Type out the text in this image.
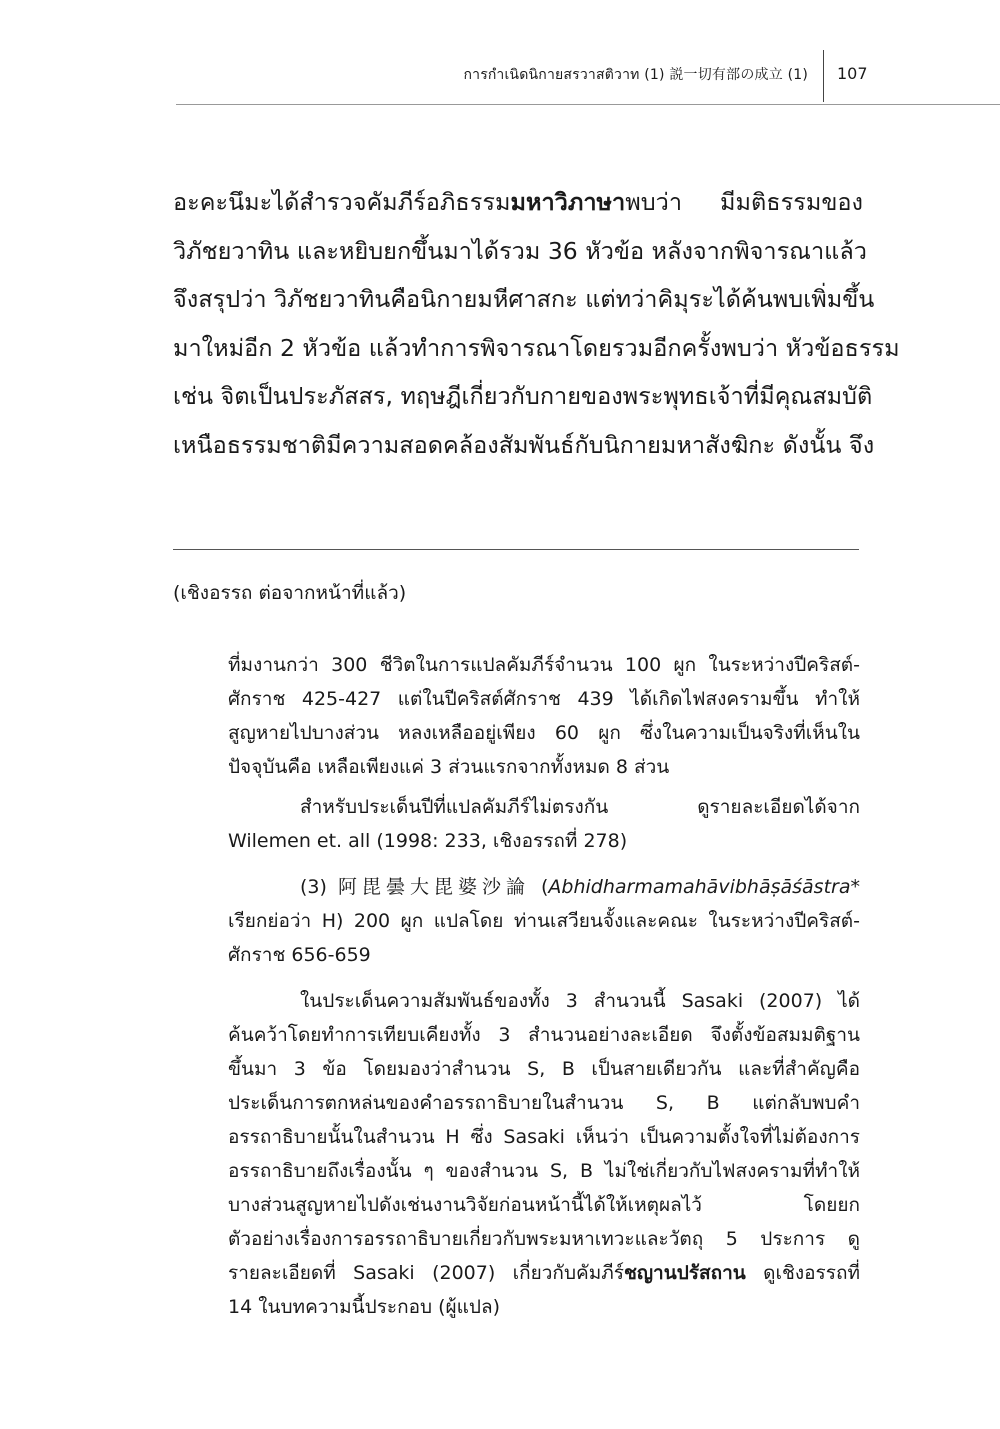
การกำเนิดนิกายสรวาสติวาท (1) 説一切有部の成立 (1) 107
อะคะนึมะได้สำรวจคัมภีร์อภิธรรมมหาวิภาษาพบว่า มีมติธรรมของ
วิภัชยวาทิน และหยิบยกขึ้นมาได้รวม 36 หัวข้อ หลังจากพิจารณาแล้ว
จึงสรุปว่า วิภัชยวาทินคือนิกายมหีศาสกะ แต่ทว่าคิมุระได้ค้นพบเพิ่มขึ้น
มาใหม่อีก 2 หัวข้อ แล้วทำการพิจารณาโดยรวมอีกครั้งพบว่า หัวข้อธรรม
เช่น จิตเป็นประภัสสร, ทฤษฎีเกี่ยวกับกายของพระพุทธเจ้าที่มีคุณสมบัติ
เหนือธรรมชาติมีความสอดคล้องสัมพันธ์กับนิกายมหาสังฆิกะ ดังนั้น จึง
(เชิงอรรถ ต่อจากหน้าที่แล้ว)
ที่มงานกว่า 300 ชีวิตในการแปลคัมภีร์จำนวน 100 ผูก ในระหว่างปีคริสต์-
ศักราช 425-427 แต่ในปีคริสต์ศักราช 439 ได้เกิดไฟสงครามขึ้น ทำให้
สูญหายไปบางส่วน หลงเหลืออยู่เพียง 60 ผูก ซึ่งในความเป็นจริงที่เห็นใน
ปัจจุบันคือ เหลือเพียงแค่ 3 ส่วนแรกจากทั้งหมด 8 ส่วน
สำหรับประเด็นปีที่แปลคัมภีร์ไม่ตรงกัน ดูรายละเอียดได้จาก
Wilemen et. all (1998: 233, เชิงอรรถที่ 278)
(3) 阿毘曇大毘婆沙論 (Abhidharmamahāvibhāṣāśāstra*
เรียกย่อว่า H) 200 ผูก แปลโดย ท่านเสวียนจั้งและคณะ ในระหว่างปีคริสต์-
ศักราช 656-659
ในประเด็นความสัมพันธ์ของทั้ง 3 สำนวนนี้ Sasaki (2007) ได้
ค้นคว้าโดยทำการเทียบเคียงทั้ง 3 สำนวนอย่างละเอียด จึงตั้งข้อสมมติฐาน
ขึ้นมา 3 ข้อ โดยมองว่าสำนวน S, B เป็นสายเดียวกัน และที่สำคัญคือ
ประเด็นการตกหล่นของคำอรรถาธิบายในสำนวน S, B แต่กลับพบคำ
อรรถาธิบายนั้นในสำนวน H ซึ่ง Sasaki เห็นว่า เป็นความตั้งใจที่ไม่ต้องการ
อรรถาธิบายถึงเรื่องนั้น ๆ ของสำนวน S, B ไม่ใช่เกี่ยวกับไฟสงครามที่ทำให้
บางส่วนสูญหายไปดังเช่นงานวิจัยก่อนหน้านี้ได้ให้เหตุผลไว้ โดยยก
ตัวอย่างเรื่องการอรรถาธิบายเกี่ยวกับพระมหาเทวะและวัตถุ 5 ประการ ดู
รายละเอียดที่ Sasaki (2007) เกี่ยวกับคัมภีร์ชญานปรัสถาน ดูเชิงอรรถที่
14 ในบทความนี้ประกอบ (ผู้แปล)
